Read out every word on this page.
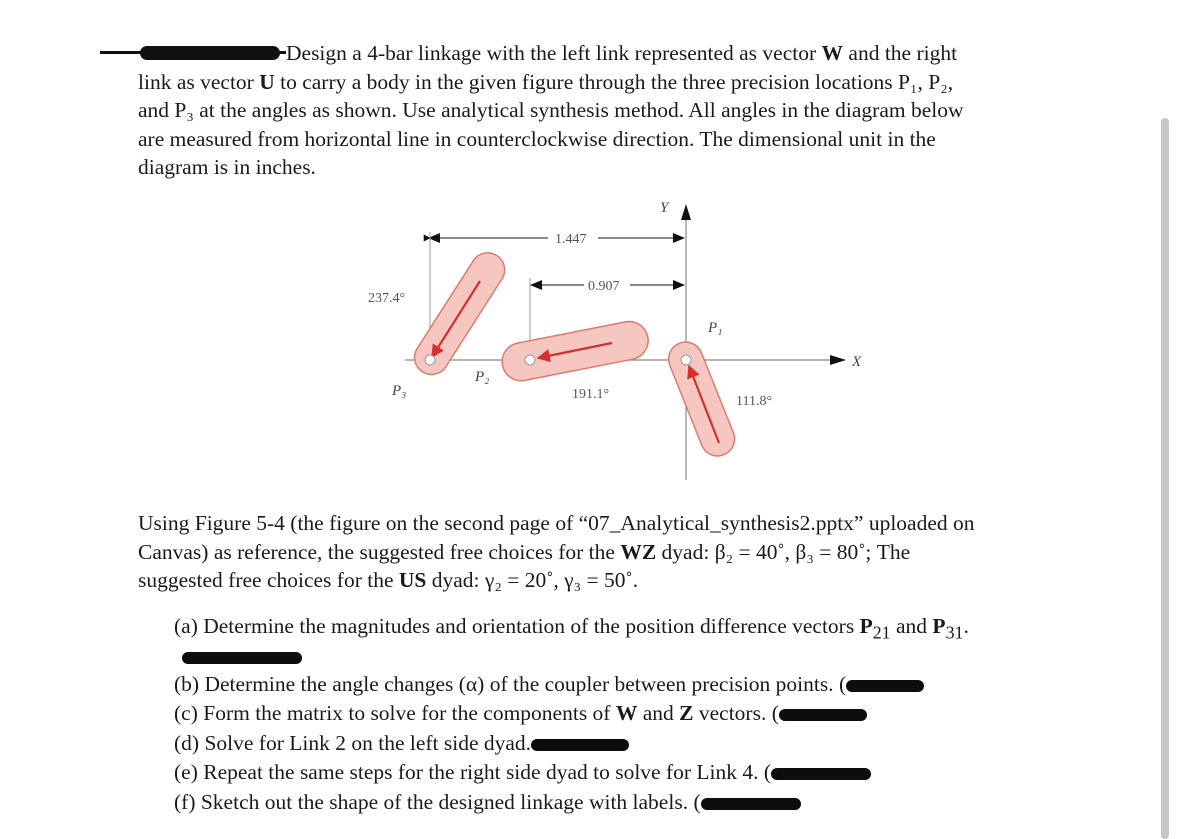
Design a 4-bar linkage with the left link represented as vector W and the right
link as vector U to carry a body in the given figure through the three precision locations P₁, P₂,
and P₃ at the angles as shown. Use analytical synthesis method. All angles in the diagram below
are measured from horizontal line in counterclockwise direction. The dimensional unit in the
diagram is in inches.
X
Y
1.447
0.907
237.4°
191.1°	111.8°
P₃
P₂
P₁
Using Figure 5-4 (the figure on the second page of “07_Analytical_synthesis2.pptx” uploaded on
Canvas) as reference, the suggested free choices for the WZ dyad: β₂ = 40˚, β₃ = 80˚; The
suggested free choices for the US dyad: γ₂ = 20˚, γ₃ = 50˚.
(a) Determine the magnitudes and orientation of the position difference vectors $P_{21}$ and $P_{31}$.
(b) Determine the angle changes (α) of the coupler between precision points. (
(c) Form the matrix to solve for the components of W and Z vectors. (
(d) Solve for Link 2 on the left side dyad.
(e) Repeat the same steps for the right side dyad to solve for Link 4. (
(f) Sketch out the shape of the designed linkage with labels. (
